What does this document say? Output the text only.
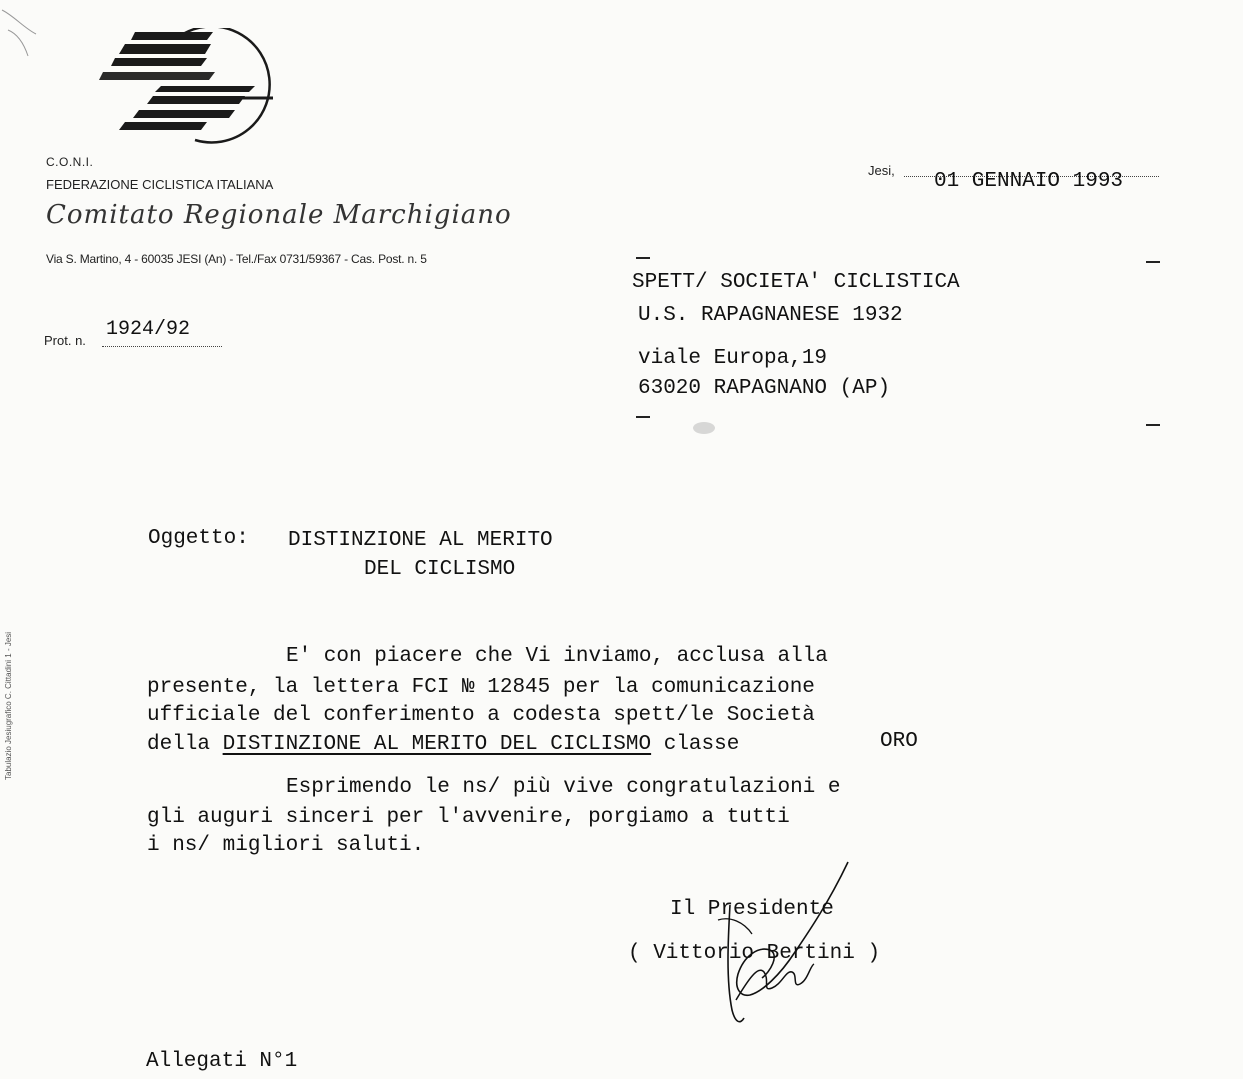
C.O.N.I.
FEDERAZIONE CICLISTICA ITALIANA
Comitato Regionale Marchigiano
Via S. Martino, 4 - 60035 JESI (An) - Tel./Fax 0731/59367 - Cas. Post. n. 5
Prot. n. 1924/92
Jesi, 01 GENNAIO 1993
SPETT/ SOCIETA' CICLISTICA
U.S. RAPAGNANESE 1932
viale Europa,19
63020 RAPAGNANO (AP)
Oggetto: DISTINZIONE AL MERITO
DEL CICLISMO
E' con piacere che Vi inviamo, acclusa alla
presente, la lettera FCI № 12845 per la comunicazione
ufficiale del conferimento a codesta spett/le Società
della DISTINZIONE AL MERITO DEL CICLISMO classe	ORO
Esprimendo le ns/ più vive congratulazioni e
gli auguri sinceri per l'avvenire, porgiamo a tutti
i ns/ migliori saluti.
Il Presidente
( Vittorio Bertini )
Allegati N°1
Tabulazio Jesiugrafico C. Cittadini 1 - Jesi
